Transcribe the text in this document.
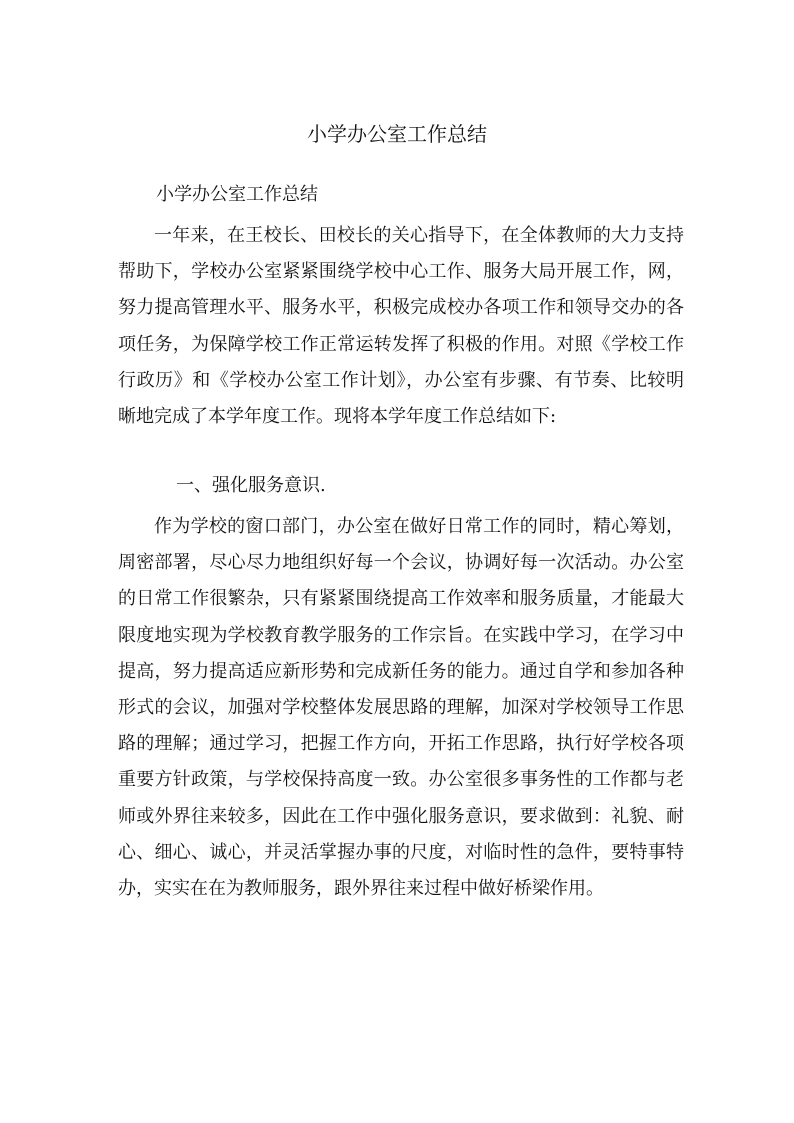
小学办公室工作总结
小学办公室工作总结
一年来，在王校长、田校长的关心指导下，在全体教师的大力支持帮助下，学校办公室紧紧围绕学校中心工作、服务大局开展工作，网，努力提高管理水平、服务水平，积极完成校办各项工作和领导交办的各项任务，为保障学校工作正常运转发挥了积极的作用。对照《学校工作行政历》和《学校办公室工作计划》，办公室有步骤、有节奏、比较明晰地完成了本学年度工作。现将本学年度工作总结如下:
一、强化服务意识.
作为学校的窗口部门，办公室在做好日常工作的同时，精心筹划，周密部署，尽心尽力地组织好每一个会议，协调好每一次活动。办公室的日常工作很繁杂，只有紧紧围绕提高工作效率和服务质量，才能最大限度地实现为学校教育教学服务的工作宗旨。在实践中学习，在学习中提高，努力提高适应新形势和完成新任务的能力。通过自学和参加各种形式的会议，加强对学校整体发展思路的理解，加深对学校领导工作思路的理解；通过学习，把握工作方向，开拓工作思路，执行好学校各项重要方针政策，与学校保持高度一致。办公室很多事务性的工作都与老师或外界往来较多，因此在工作中强化服务意识，要求做到：礼貌、耐心、细心、诚心，并灵活掌握办事的尺度，对临时性的急件，要特事特办，实实在在为教师服务，跟外界往来过程中做好桥梁作用。
